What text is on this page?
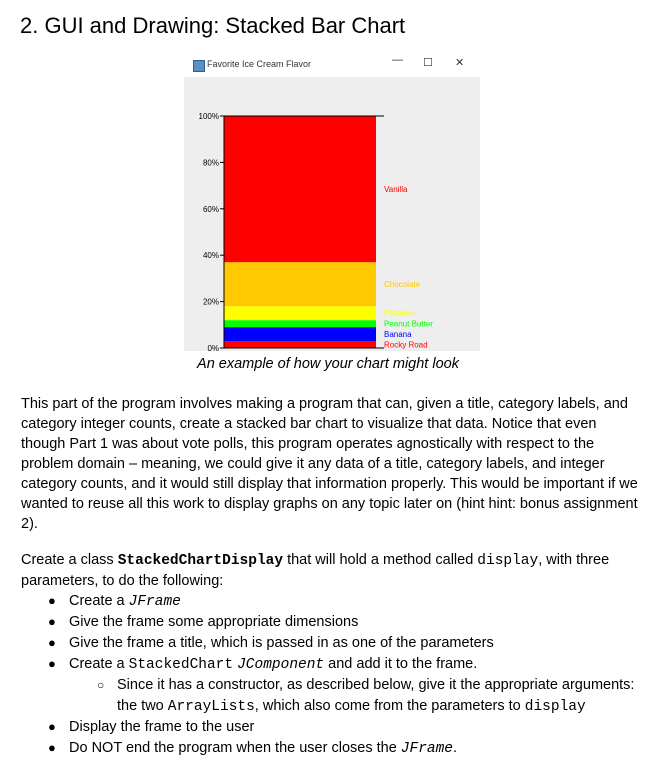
2. GUI and Drawing: Stacked Bar Chart
Favorite Ice Cream Flavor	— ☐ ✕
0%
20%
40%
60%
80%
100%
Rocky Road
Banana
Peanut Butter
Pistachio
Chocolate
Vanilla
An example of how your chart might look

This part of the program involves making a program that can, given a title, category labels, and category integer counts, create a stacked bar chart to visualize that data. Notice that even though Part 1 was about vote polls, this program operates agnostically with respect to the problem domain – meaning, we could give it any data of a title, category labels, and integer category counts, and it would still display that information properly. This would be important if we wanted to reuse all this work to display graphs on any topic later on (hint hint: bonus assignment 2).

Create a class StackedChartDisplay that will hold a method called display, with three parameters, to do the following:

● Create a JFrame
● Give the frame some appropriate dimensions
● Give the frame a title, which is passed in as one of the parameters
● Create a StackedChart JComponent and add it to the frame.
○ Since it has a constructor, as described below, give it the appropriate arguments:
the two ArrayLists, which also come from the parameters to display
● Display the frame to the user
● Do NOT end the program when the user closes the JFrame.
